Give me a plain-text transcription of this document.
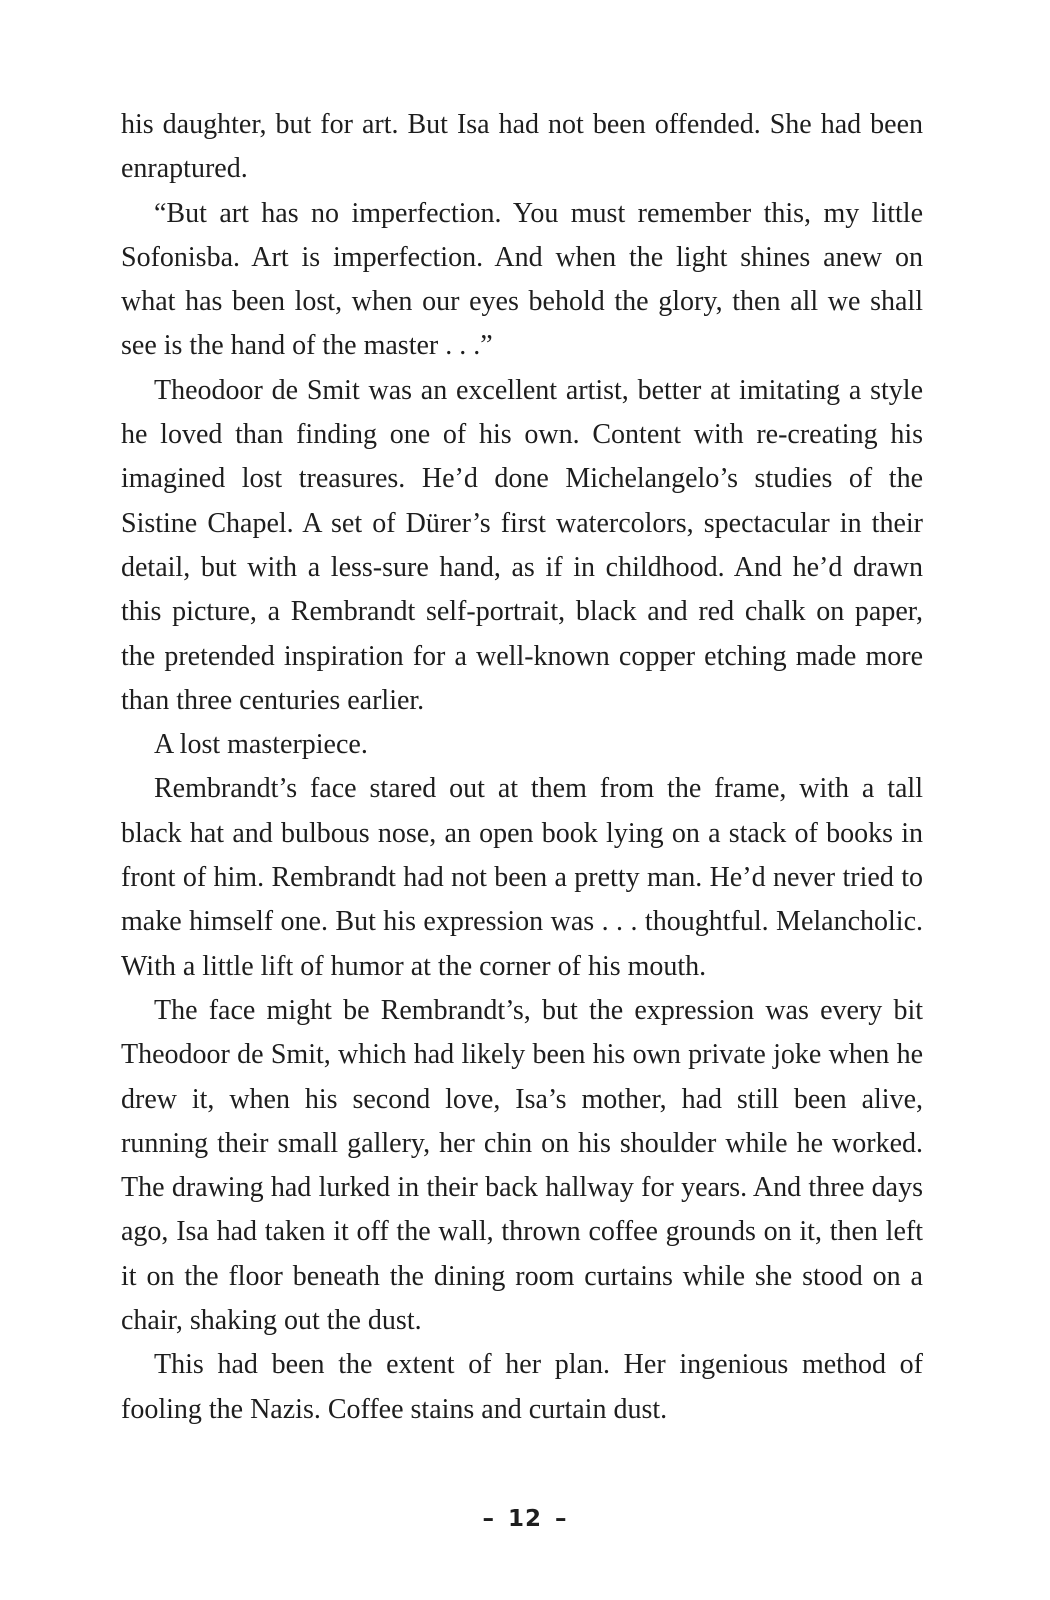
his daughter, but for art. But Isa had not been offended. She had been enraptured.

“But art has no imperfection. You must remember this, my little Sofonisba. Art is imperfection. And when the light shines anew on what has been lost, when our eyes behold the glory, then all we shall see is the hand of the master . . .”

Theodoor de Smit was an excellent artist, better at imitating a style he loved than finding one of his own. Content with re-creating his imagined lost treasures. He’d done Michelangelo’s studies of the Sistine Chapel. A set of Dürer’s first watercolors, spectacular in their detail, but with a less-sure hand, as if in childhood. And he’d drawn this picture, a Rembrandt self-portrait, black and red chalk on paper, the pretended inspiration for a well-known copper etching made more than three centuries earlier.

A lost masterpiece.

Rembrandt’s face stared out at them from the frame, with a tall black hat and bulbous nose, an open book lying on a stack of books in front of him. Rembrandt had not been a pretty man. He’d never tried to make himself one. But his expression was . . . thoughtful. Melancholic. With a little lift of humor at the corner of his mouth.

The face might be Rembrandt’s, but the expression was every bit Theodoor de Smit, which had likely been his own private joke when he drew it, when his second love, Isa’s mother, had still been alive, running their small gallery, her chin on his shoulder while he worked. The drawing had lurked in their back hallway for years. And three days ago, Isa had taken it off the wall, thrown coffee grounds on it, then left it on the floor beneath the dining room curtains while she stood on a chair, shaking out the dust.

This had been the extent of her plan. Her ingenious method of fooling the Nazis. Coffee stains and curtain dust.

– 12 –
